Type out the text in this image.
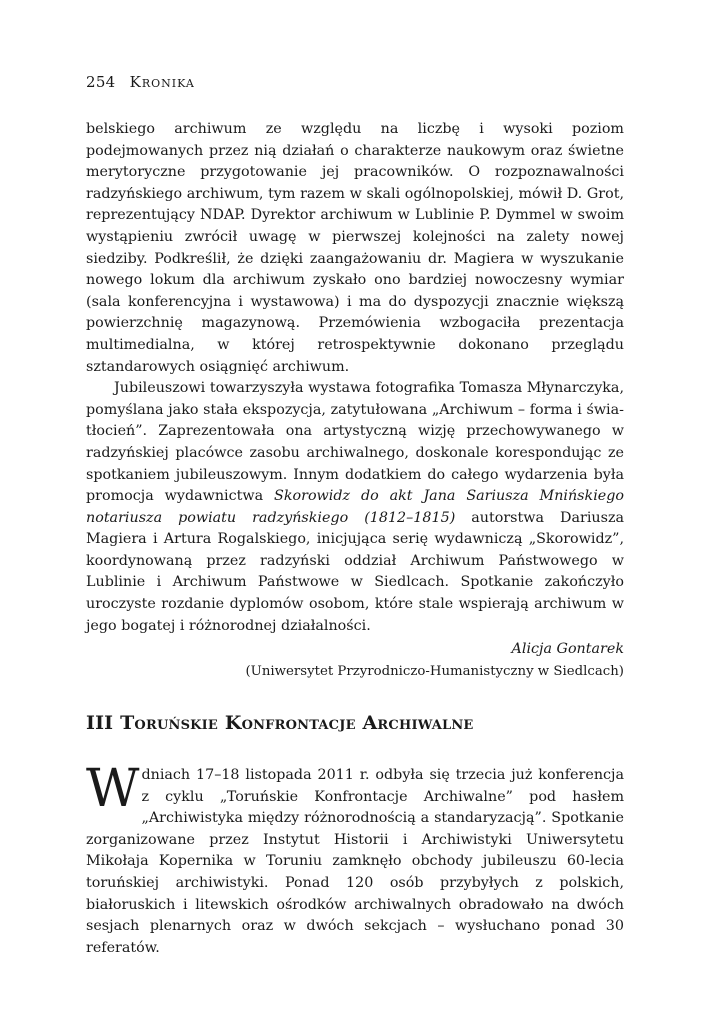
254 Kronika

belskiego archiwum ze względu na liczbę i wysoki poziom podejmowanych przez nią działań o charakterze naukowym oraz świetne merytoryczne przygotowanie jej pracowników. O rozpoznawalności radzyńskiego archiwum, tym razem w skali ogólnopolskiej, mówił D. Grot, reprezentujący NDAP. Dyrektor archiwum w Lublinie P. Dymmel w swoim wystąpieniu zwrócił uwagę w pierwszej kolejności na zalety nowej siedziby. Podkreślił, że dzięki zaangażowaniu dr. Magiera w wyszukanie nowego lokum dla archiwum zyskało ono bardziej nowoczesny wymiar (sala konferencyjna i wystawowa) i ma do dyspozycji znacznie większą powierzchnię magazynową. Przemówienia wzbogaciła prezentacja multimedialna, w której retrospektywnie dokonano przeglądu sztandarowych osiągnięć archiwum.

Jubileuszowi towarzyszyła wystawa fotografika Tomasza Młynarczyka, pomyślana jako stała ekspozycja, zatytułowana „Archiwum – forma i światłocień”. Zaprezentowała ona artystyczną wizję przechowywanego w radzyńskiej placówce zasobu archiwalnego, doskonale korespondując ze spotkaniem jubileuszowym. Innym dodatkiem do całego wydarzenia była promocja wydawnictwa Skorowidz do akt Jana Sariusza Mnińskiego notariusza powiatu radzyńskiego (1812–1815) autorstwa Dariusza Magiera i Artura Rogalskiego, inicjująca serię wydawniczą „Skorowidz”, koordynowaną przez radzyński oddział Archiwum Państwowego w Lublinie i Archiwum Państwowe w Siedlcach. Spotkanie zakończyło uroczyste rozdanie dyplomów osobom, które stale wspierają archiwum w jego bogatej i różnorodnej działalności.

Alicja Gontarek
(Uniwersytet Przyrodniczo-Humanistyczny w Siedlcach)
III Toruńskie Konfrontacje Archiwalne

Wdniach 17–18 listopada 2011 r. odbyła się trzecia już konferencja z cyklu „Toruńskie Konfrontacje Archiwalne” pod hasłem „Archiwistyka między różnorodnością a standaryzacją”. Spotkanie zorganizowane przez Instytut Historii i Archiwistyki Uniwersytetu Mikołaja Kopernika w Toruniu zamknęło obchody jubileuszu 60-lecia toruńskiej archiwistyki. Ponad 120 osób przybyłych z polskich, białoruskich i litewskich ośrodków archiwalnych obradowało na dwóch sesjach plenarnych oraz w dwóch sekcjach – wysłuchano ponad 30 referatów.
